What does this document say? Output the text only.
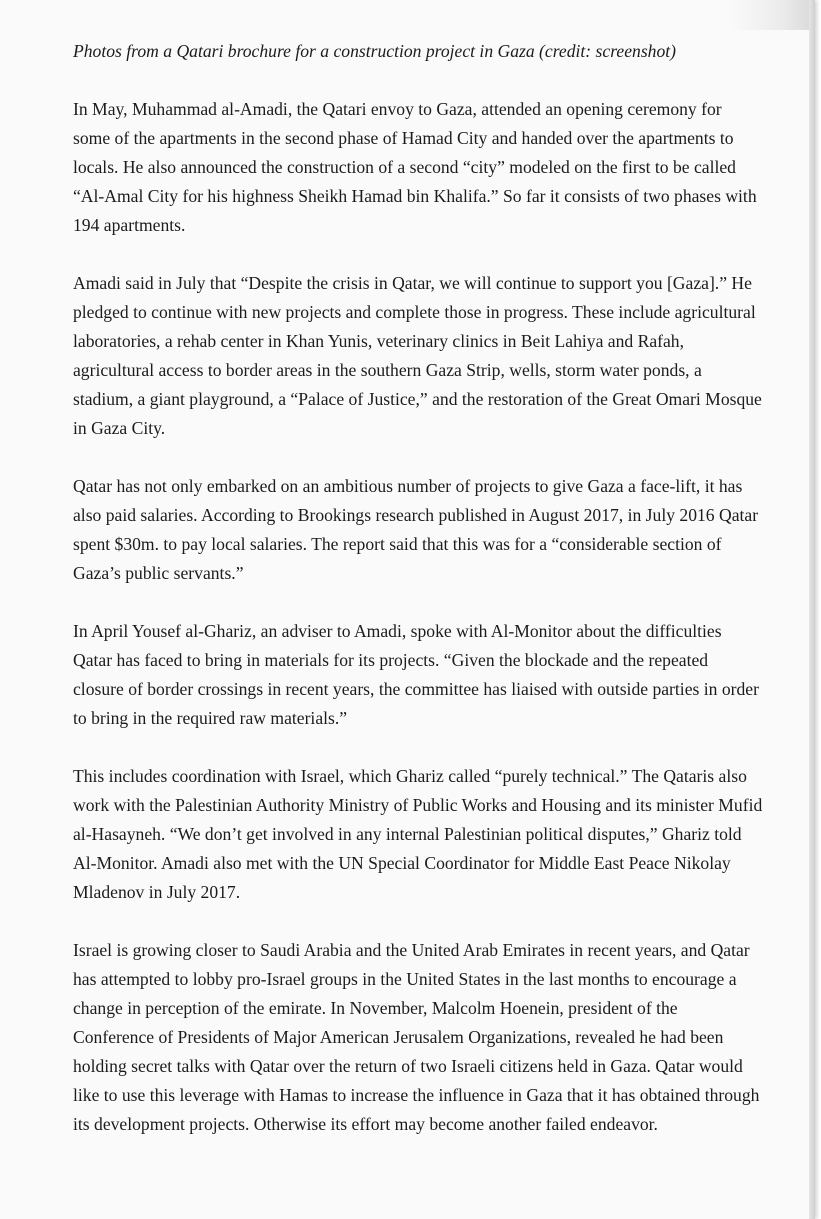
Photos from a Qatari brochure for a construction project in Gaza (credit: screenshot)

In May, Muhammad al-Amadi, the Qatari envoy to Gaza, attended an opening ceremony for some of the apartments in the second phase of Hamad City and handed over the apartments to locals. He also announced the construction of a second “city” modeled on the first to be called “Al-Amal City for his highness Sheikh Hamad bin Khalifa.” So far it consists of two phases with 194 apartments.

Amadi said in July that “Despite the crisis in Qatar, we will continue to support you [Gaza].” He pledged to continue with new projects and complete those in progress. These include agricultural laboratories, a rehab center in Khan Yunis, veterinary clinics in Beit Lahiya and Rafah, agricultural access to border areas in the southern Gaza Strip, wells, storm water ponds, a stadium, a giant playground, a “Palace of Justice,” and the restoration of the Great Omari Mosque in Gaza City.

Qatar has not only embarked on an ambitious number of projects to give Gaza a face-lift, it has also paid salaries. According to Brookings research published in August 2017, in July 2016 Qatar spent $30m. to pay local salaries. The report said that this was for a “considerable section of Gaza’s public servants.”

In April Yousef al-Ghariz, an adviser to Amadi, spoke with Al-Monitor about the difficulties Qatar has faced to bring in materials for its projects. “Given the blockade and the repeated closure of border crossings in recent years, the committee has liaised with outside parties in order to bring in the required raw materials.”

This includes coordination with Israel, which Ghariz called “purely technical.” The Qataris also work with the Palestinian Authority Ministry of Public Works and Housing and its minister Mufid al-Hasayneh. “We don’t get involved in any internal Palestinian political disputes,” Ghariz told Al-Monitor. Amadi also met with the UN Special Coordinator for Middle East Peace Nikolay Mladenov in July 2017.

Israel is growing closer to Saudi Arabia and the United Arab Emirates in recent years, and Qatar has attempted to lobby pro-Israel groups in the United States in the last months to encourage a change in perception of the emirate. In November, Malcolm Hoenein, president of the Conference of Presidents of Major American Jerusalem Organizations, revealed he had been holding secret talks with Qatar over the return of two Israeli citizens held in Gaza. Qatar would like to use this leverage with Hamas to increase the influence in Gaza that it has obtained through its development projects. Otherwise its effort may become another failed endeavor.
